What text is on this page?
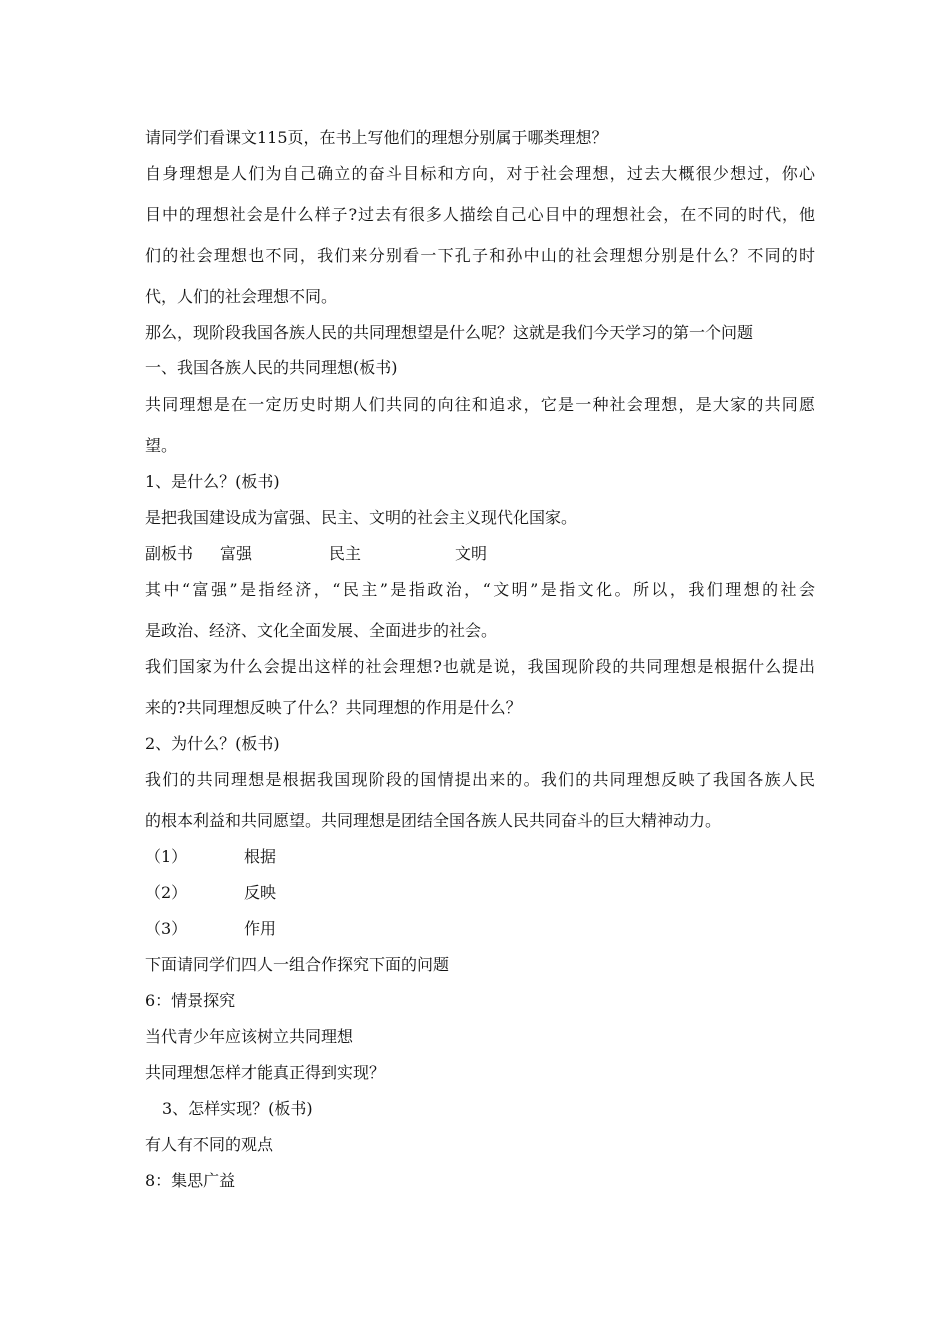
请同学们看课文115页，在书上写他们的理想分别属于哪类理想？
自身理想是人们为自己确立的奋斗目标和方向，对于社会理想，过去大概很少想过，你心
目中的理想社会是什么样子?过去有很多人描绘自己心目中的理想社会，在不同的时代，他
们的社会理想也不同，我们来分别看一下孔子和孙中山的社会理想分别是什么？不同的时
代，人们的社会理想不同。
那么，现阶段我国各族人民的共同理想望是什么呢？这就是我们今天学习的第一个问题
一、我国各族人民的共同理想(板书)
共同理想是在一定历史时期人们共同的向往和追求，它是一种社会理想，是大家的共同愿
望。
1、是什么？(板书)
是把我国建设成为富强、民主、文明的社会主义现代化国家。
副板书 富强	民主	文明
其中“富强”是指经济，“民主”是指政治，“文明”是指文化。所以，我们理想的社会
是政治、经济、文化全面发展、全面进步的社会。
我们国家为什么会提出这样的社会理想?也就是说，我国现阶段的共同理想是根据什么提出
来的?共同理想反映了什么？共同理想的作用是什么？
2、为什么？(板书)
我们的共同理想是根据我国现阶段的国情提出来的。我们的共同理想反映了我国各族人民
的根本利益和共同愿望。共同理想是团结全国各族人民共同奋斗的巨大精神动力。
（1）	根据
（2）	反映
（3）	作用
下面请同学们四人一组合作探究下面的问题
6：情景探究
当代青少年应该树立共同理想
共同理想怎样才能真正得到实现？
3、怎样实现？(板书)
有人有不同的观点
8：集思广益
